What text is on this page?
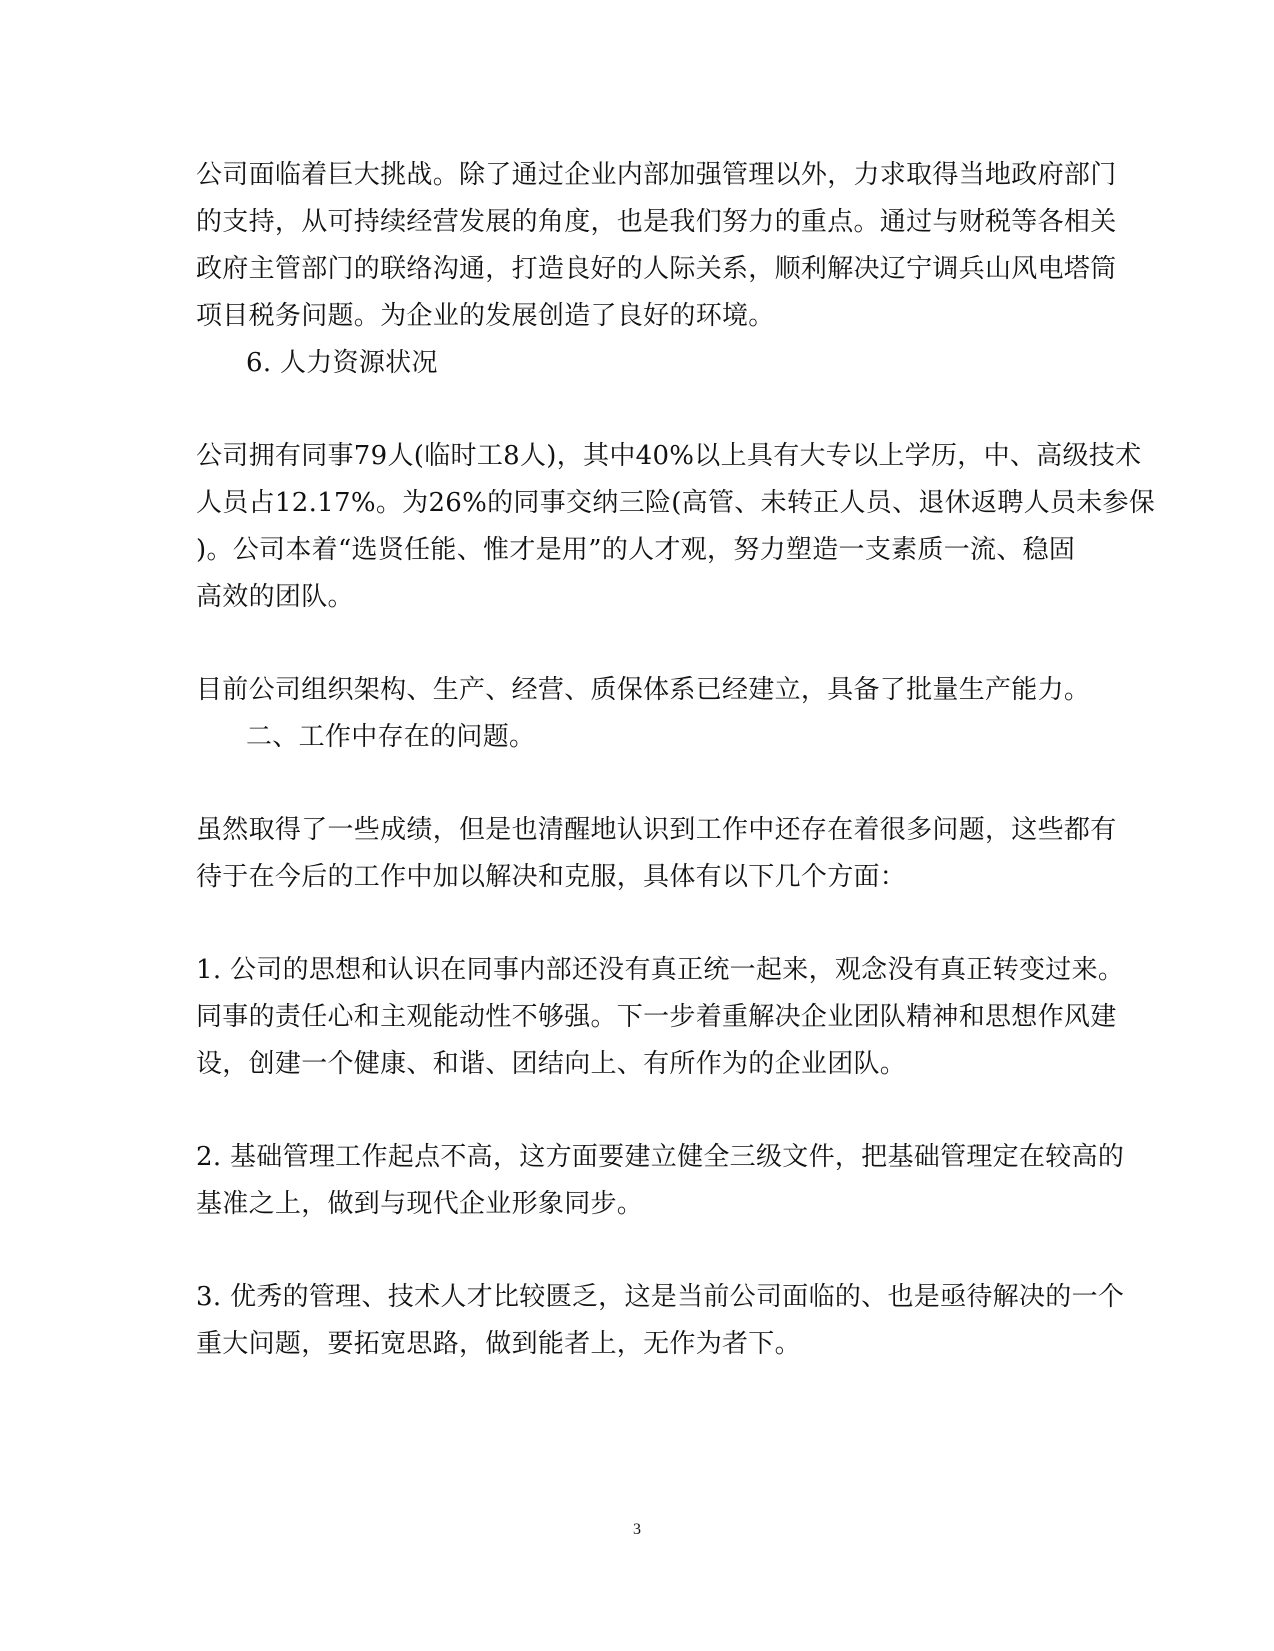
公司面临着巨大挑战。除了通过企业内部加强管理以外，力求取得当地政府部门
的支持，从可持续经营发展的角度，也是我们努力的重点。通过与财税等各相关
政府主管部门的联络沟通，打造良好的人际关系，顺利解决辽宁调兵山风电塔筒
项目税务问题。为企业的发展创造了良好的环境。
6. 人力资源状况
公司拥有同事79人(临时工8人)，其中40%以上具有大专以上学历，中、高级技术
人员占12.17%。为26%的同事交纳三险(高管、未转正人员、退休返聘人员未参保
)。公司本着“选贤任能、惟才是用”的人才观，努力塑造一支素质一流、稳固
高效的团队。
目前公司组织架构、生产、经营、质保体系已经建立，具备了批量生产能力。
二、工作中存在的问题。
虽然取得了一些成绩，但是也清醒地认识到工作中还存在着很多问题，这些都有
待于在今后的工作中加以解决和克服，具体有以下几个方面：
1. 公司的思想和认识在同事内部还没有真正统一起来，观念没有真正转变过来。
同事的责任心和主观能动性不够强。下一步着重解决企业团队精神和思想作风建
设，创建一个健康、和谐、团结向上、有所作为的企业团队。
2. 基础管理工作起点不高，这方面要建立健全三级文件，把基础管理定在较高的
基准之上，做到与现代企业形象同步。
3. 优秀的管理、技术人才比较匮乏，这是当前公司面临的、也是亟待解决的一个
重大问题，要拓宽思路，做到能者上，无作为者下。
3
